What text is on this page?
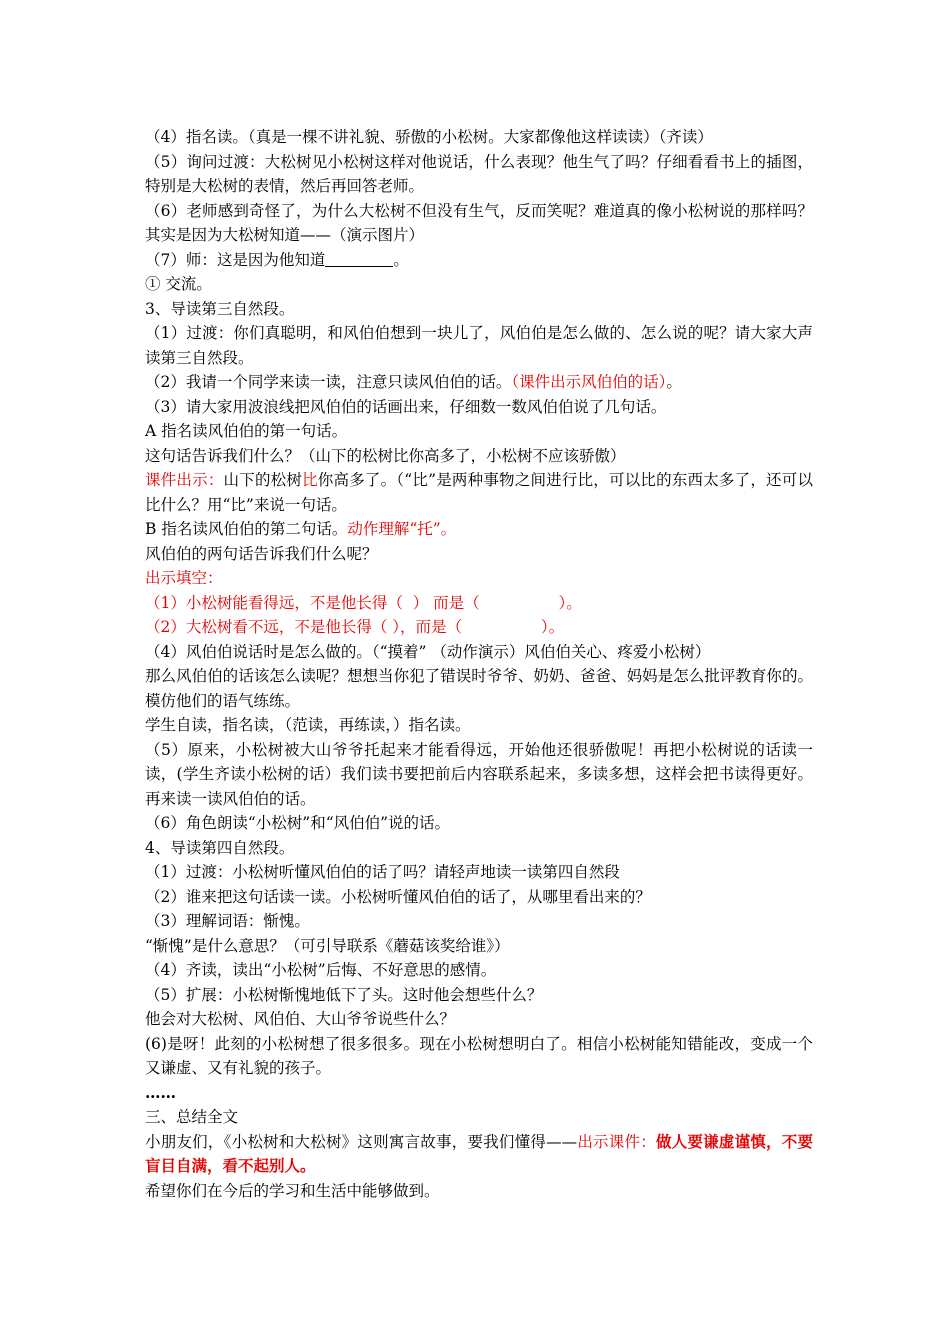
（4）指名读。（真是一棵不讲礼貌、骄傲的小松树。大家都像他这样读读）（齐读）

（5）询问过渡：大松树见小松树这样对他说话，什么表现？他生气了吗？仔细看看书上的插图，特别是大松树的表情，然后再回答老师。

（6）老师感到奇怪了，为什么大松树不但没有生气，反而笑呢？难道真的像小松树说的那样吗？其实是因为大松树知道——（演示图片）

（7）师：这是因为他知道	。

① 交流。

3、导读第三自然段。

（1）过渡：你们真聪明，和风伯伯想到一块儿了，风伯伯是怎么做的、怎么说的呢？请大家大声读第三自然段。

（2）我请一个同学来读一读，注意只读风伯伯的话。（课件出示风伯伯的话）。

（3）请大家用波浪线把风伯伯的话画出来，仔细数一数风伯伯说了几句话。

A 指名读风伯伯的第一句话。

这句话告诉我们什么？（山下的松树比你高多了，小松树不应该骄傲）

课件出示：山下的松树比你高多了。（“比”是两种事物之间进行比，可以比的东西太多了，还可以比什么？用“比”来说一句话。

B 指名读风伯伯的第二句话。动作理解“托”。

风伯伯的两句话告诉我们什么呢？

出示填空：

（1）小松树能看得远，不是他长得（  ） 而是（                ）。

（2）大松树看不远，不是他长得（ ），而是（                ）。

（4）风伯伯说话时是怎么做的。（“摸着” （动作演示）风伯伯关心、疼爱小松树）

那么风伯伯的话该怎么读呢？想想当你犯了错误时爷爷、奶奶、爸爸、妈妈是怎么批评教育你的。模仿他们的语气练练。

学生自读，指名读，（范读，再练读，）指名读。

（5）原来，小松树被大山爷爷托起来才能看得远，开始他还很骄傲呢！再把小松树说的话读一读，(学生齐读小松树的话）我们读书要把前后内容联系起来，多读多想，这样会把书读得更好。再来读一读风伯伯的话。

（6）角色朗读“小松树”和“风伯伯”说的话。

4、导读第四自然段。

（1）过渡：小松树听懂风伯伯的话了吗？请轻声地读一读第四自然段

（2）谁来把这句话读一读。小松树听懂风伯伯的话了，从哪里看出来的？

（3）理解词语：惭愧。

“惭愧”是什么意思？（可引导联系《蘑菇该奖给谁》）

（4）齐读，读出“小松树”后悔、不好意思的感情。

（5）扩展：小松树惭愧地低下了头。这时他会想些什么？

他会对大松树、风伯伯、大山爷爷说些什么？

(6)是呀！此刻的小松树想了很多很多。现在小松树想明白了。相信小松树能知错能改，变成一个又谦虚、又有礼貌的孩子。

……

三、总结全文

小朋友们，《小松树和大松树》这则寓言故事，要我们懂得——出示课件：做人要谦虚谨慎，不要盲目自满，看不起别人。

希望你们在今后的学习和生活中能够做到。
